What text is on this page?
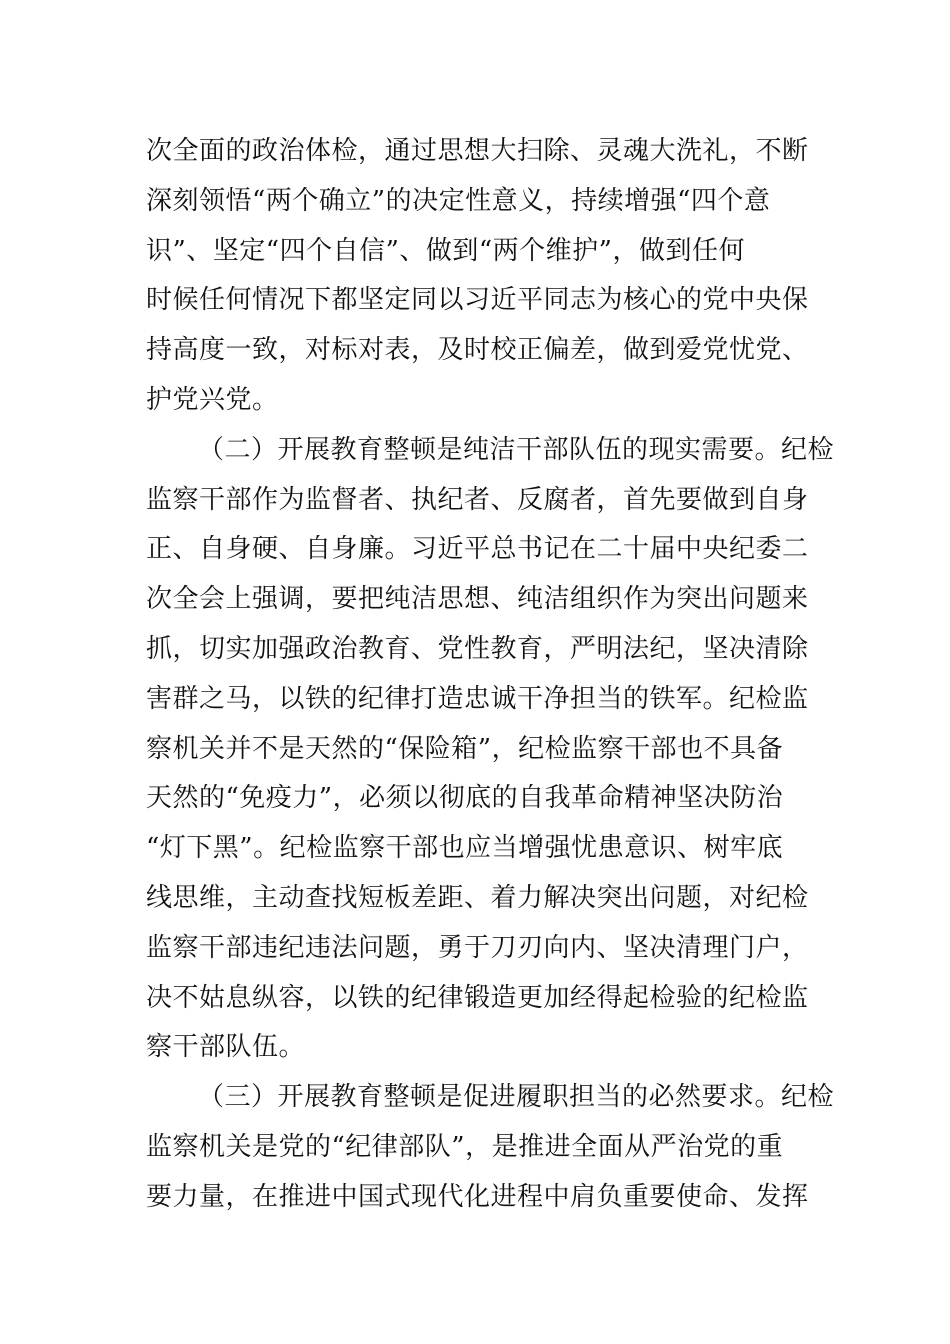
次全面的政治体检，通过思想大扫除、灵魂大洗礼，不断
深刻领悟“两个确立”的决定性意义，持续增强“四个意
识”、坚定“四个自信”、做到“两个维护”，做到任何
时候任何情况下都坚定同以习近平同志为核心的党中央保
持高度一致，对标对表，及时校正偏差，做到爱党忧党、
护党兴党。
（二）开展教育整顿是纯洁干部队伍的现实需要。纪检
监察干部作为监督者、执纪者、反腐者，首先要做到自身
正、自身硬、自身廉。习近平总书记在二十届中央纪委二
次全会上强调，要把纯洁思想、纯洁组织作为突出问题来
抓，切实加强政治教育、党性教育，严明法纪，坚决清除
害群之马，以铁的纪律打造忠诚干净担当的铁军。纪检监
察机关并不是天然的“保险箱”，纪检监察干部也不具备
天然的“免疫力”，必须以彻底的自我革命精神坚决防治
“灯下黑”。纪检监察干部也应当增强忧患意识、树牢底
线思维，主动查找短板差距、着力解决突出问题，对纪检
监察干部违纪违法问题，勇于刀刃向内、坚决清理门户，
决不姑息纵容，以铁的纪律锻造更加经得起检验的纪检监
察干部队伍。
（三）开展教育整顿是促进履职担当的必然要求。纪检
监察机关是党的“纪律部队”，是推进全面从严治党的重
要力量，在推进中国式现代化进程中肩负重要使命、发挥
